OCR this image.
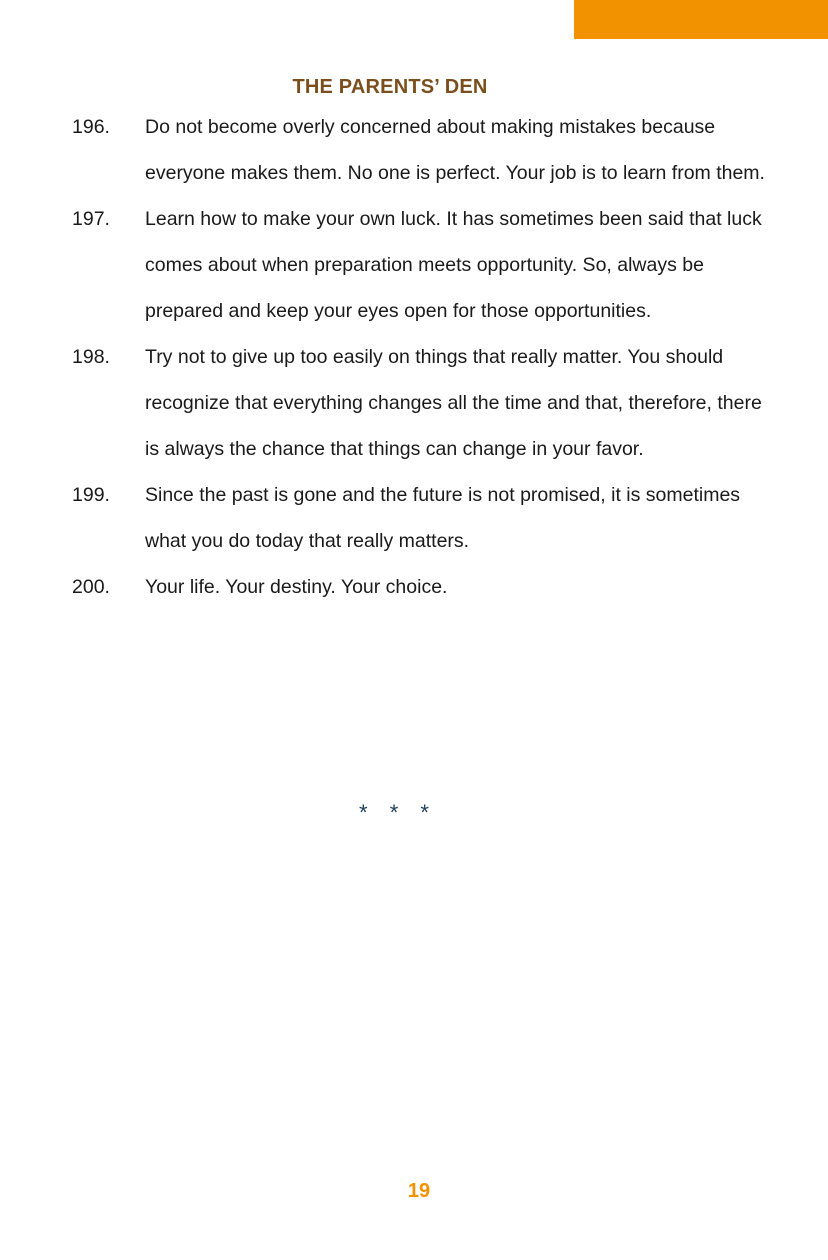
THE PARENTS’ DEN
196.	Do not become overly concerned about making mistakes because everyone makes them. No one is perfect. Your job is to learn from them.
197.	Learn how to make your own luck. It has sometimes been said that luck comes about when preparation meets opportunity. So, always be prepared and keep your eyes open for those opportunities.
198.	Try not to give up too easily on things that really matter. You should recognize that everything changes all the time and that, therefore, there is always the chance that things can change in your favor.
199.	Since the past is gone and the future is not promised, it is sometimes what you do today that really matters.
200.	Your life. Your destiny. Your choice.
* * *
19
